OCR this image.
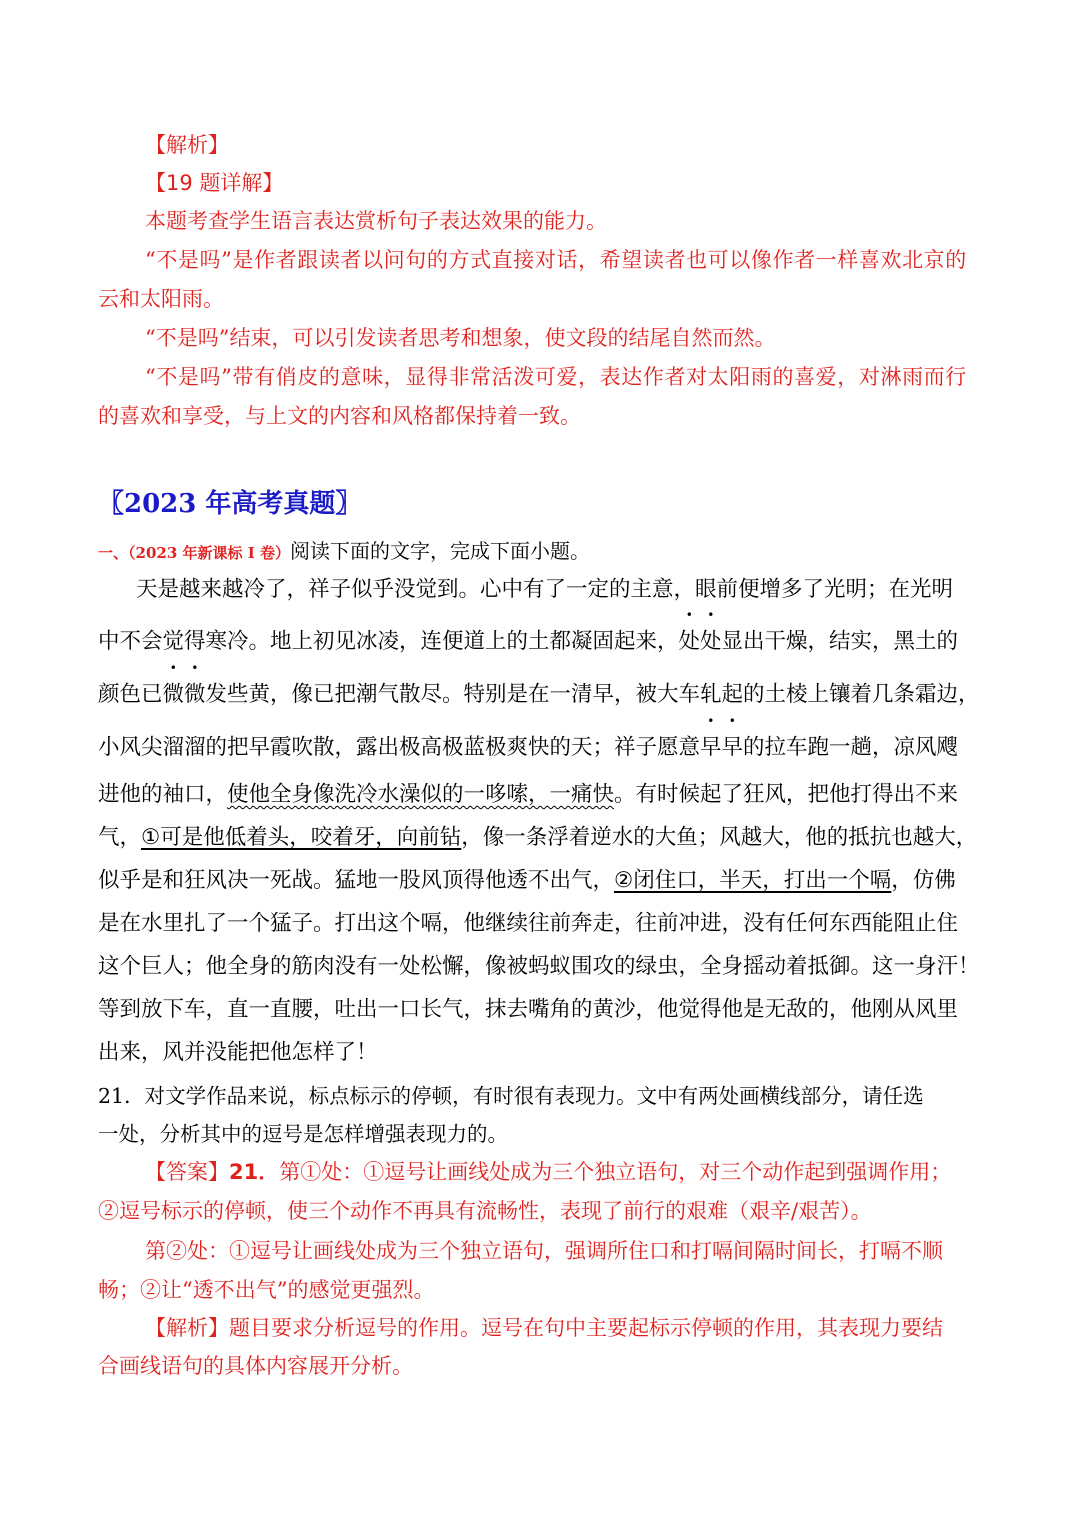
【解析】
【19 题详解】
本题考查学生语言表达赏析句子表达效果的能力。
“不是吗”是作者跟读者以问句的方式直接对话，希望读者也可以像作者一样喜欢北京的
云和太阳雨。
“不是吗”结束，可以引发读者思考和想象，使文段的结尾自然而然。
“不是吗”带有俏皮的意味，显得非常活泼可爱，表达作者对太阳雨的喜爱，对淋雨而行
的喜欢和享受，与上文的内容和风格都保持着一致。
〖2023 年高考真题〗
一、（2023 年新课标 I 卷）阅读下面的文字，完成下面小题。
天是越来越冷了，祥子似乎没觉到。心中有了一定的主意，眼前便增多了光明；在光明
中不会觉得寒冷。地上初见冰凌，连便道上的土都凝固起来，处处显出干燥，结实，黑土的
颜色已微微发些黄，像已把潮气散尽。特别是在一清早，被大车轧起的土棱上镶着几条霜边，
小风尖溜溜的把早霞吹散，露出极高极蓝极爽快的天；祥子愿意早早的拉车跑一趟，凉风飕
进他的袖口，使他全身像洗冷水澡似的一哆嗦，一痛快。有时候起了狂风，把他打得出不来
气，①可是他低着头，咬着牙，向前钻，像一条浮着逆水的大鱼；风越大，他的抵抗也越大，
似乎是和狂风决一死战。猛地一股风顶得他透不出气，②闭住口，半天，打出一个嗝，仿佛
是在水里扎了一个猛子。打出这个嗝，他继续往前奔走，往前冲进，没有任何东西能阻止住
这个巨人；他全身的筋肉没有一处松懈，像被蚂蚁围攻的绿虫，全身摇动着抵御。这一身汗！
等到放下车，直一直腰，吐出一口长气，抹去嘴角的黄沙，他觉得他是无敌的，他刚从风里
出来，风并没能把他怎样了！
21．对文学作品来说，标点标示的停顿，有时很有表现力。文中有两处画横线部分，请任选
一处，分析其中的逗号是怎样增强表现力的。
【答案】21．第①处：①逗号让画线处成为三个独立语句，对三个动作起到强调作用；
②逗号标示的停顿，使三个动作不再具有流畅性，表现了前行的艰难（艰辛/艰苦）。
第②处：①逗号让画线处成为三个独立语句，强调所住口和打嗝间隔时间长，打嗝不顺
畅；②让“透不出气”的感觉更强烈。
【解析】题目要求分析逗号的作用。逗号在句中主要起标示停顿的作用，其表现力要结
合画线语句的具体内容展开分析。
